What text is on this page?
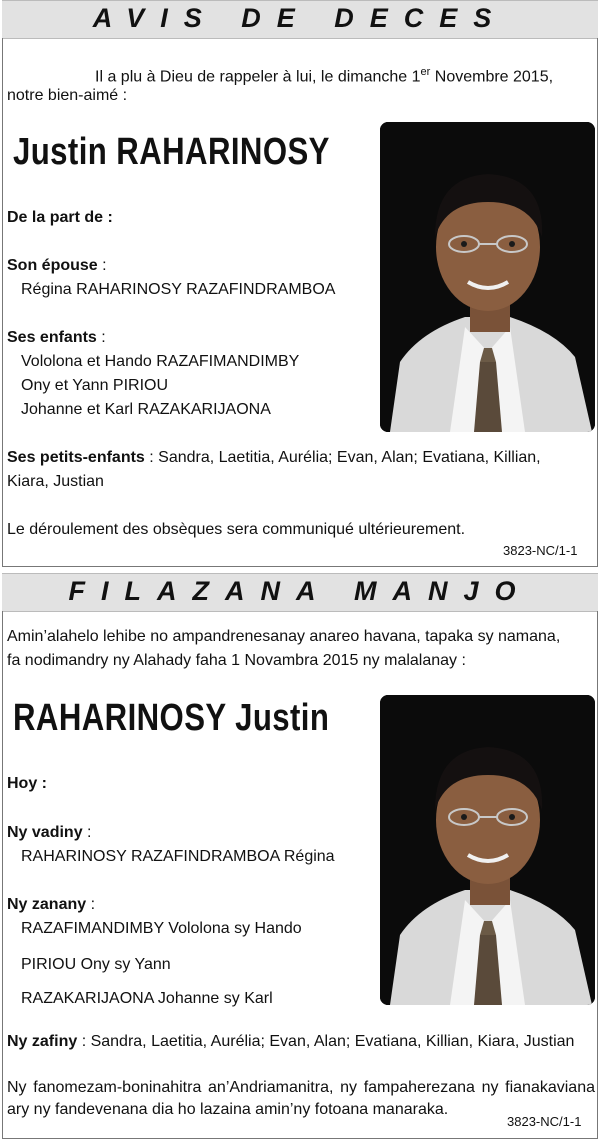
AVIS DE DECES
Il a plu à Dieu de rappeler à lui, le dimanche 1er Novembre 2015,
notre bien-aimé :
Justin RAHARINOSY
De la part de :
Son épouse :
Régina RAHARINOSY RAZAFINDRAMBOA
Ses enfants :
Vololona et Hando RAZAFIMANDIMBY
Ony et Yann PIRIOU
Johanne et Karl RAZAKARIJAONA
Ses petits-enfants : Sandra, Laetitia, Aurélia; Evan, Alan; Evatiana, Killian,
Kiara, Justian
Le déroulement des obsèques sera communiqué ultérieurement.
3823-NC/1-1
FILAZANA MANJO
Amin’alahelo lehibe no ampandrenesanay anareo havana, tapaka sy namana,
fa nodimandry ny Alahady faha 1 Novambra 2015 ny malalanay :
RAHARINOSY Justin
Hoy :
Ny vadiny :
RAHARINOSY RAZAFINDRAMBOA Régina
Ny zanany :
RAZAFIMANDIMBY Vololona sy Hando
PIRIOU Ony sy Yann
RAZAKARIJAONA Johanne sy Karl
Ny zafiny : Sandra, Laetitia, Aurélia; Evan, Alan; Evatiana, Killian, Kiara, Justian
Ny fanomezam-boninahitra an’Andriamanitra, ny fampaherezana ny fianakaviana ary ny fandevenana dia ho lazaina amin’ny fotoana manaraka.
3823-NC/1-1
